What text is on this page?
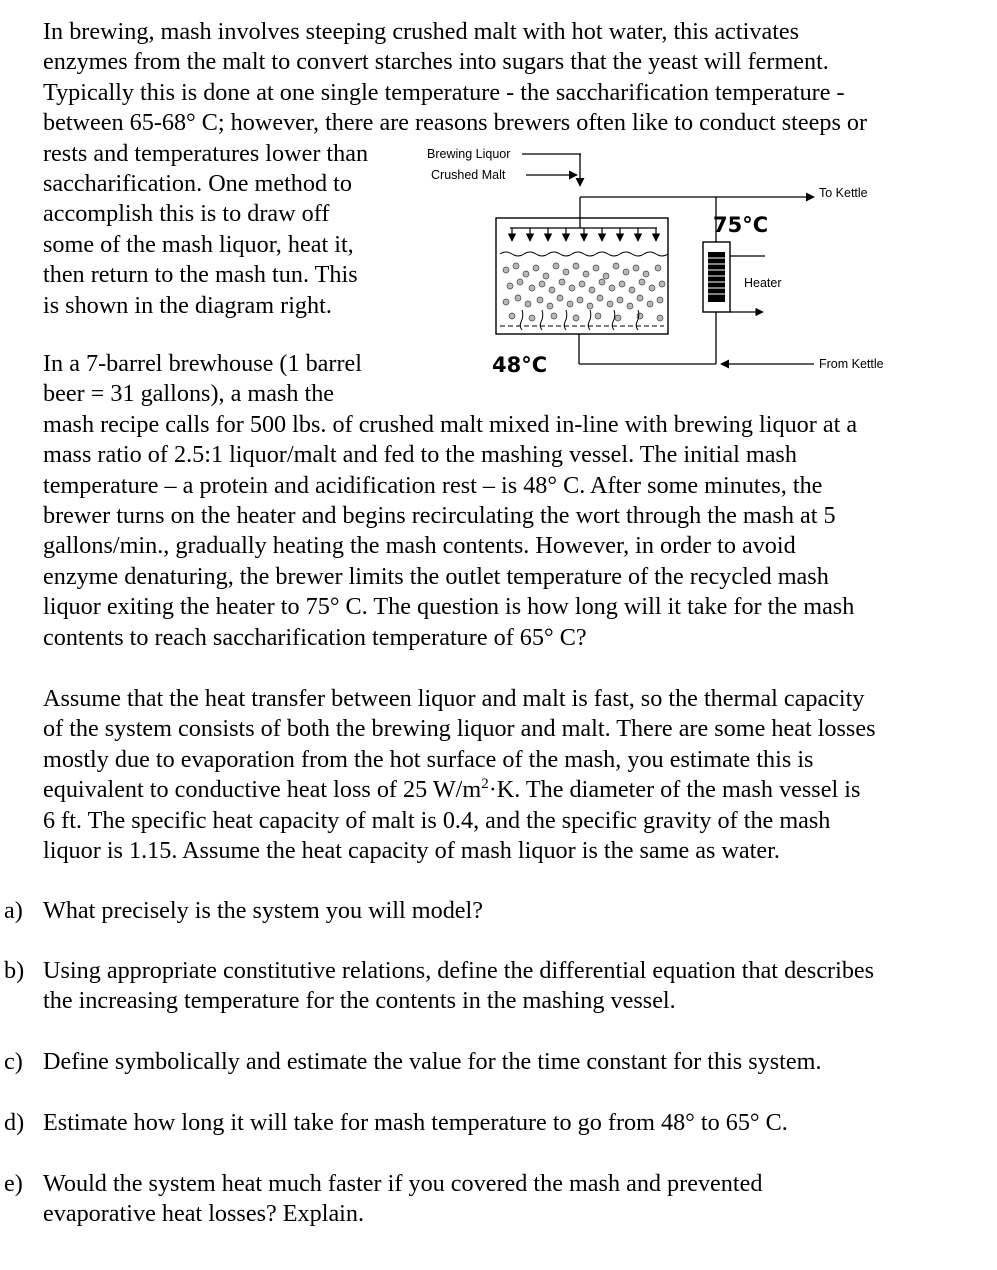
In brewing, mash involves steeping crushed malt with hot water, this activates
enzymes from the malt to convert starches into sugars that the yeast will ferment.
Typically this is done at one single temperature - the saccharification temperature -
between 65-68° C; however, there are reasons brewers often like to conduct steeps or
rests and temperatures lower than
saccharification. One method to
accomplish this is to draw off
some of the mash liquor, heat it,
then return to the mash tun. This
is shown in the diagram right.
Brewing Liquor
Crushed Malt
Heater
To Kettle
From Kettle
75°C
48°C
In a 7-barrel brewhouse (1 barrel
beer = 31 gallons), a mash the
mash recipe calls for 500 lbs. of crushed malt mixed in-line with brewing liquor at a
mass ratio of 2.5:1 liquor/malt and fed to the mashing vessel. The initial mash
temperature – a protein and acidification rest – is 48° C. After some minutes, the
brewer turns on the heater and begins recirculating the wort through the mash at 5
gallons/min., gradually heating the mash contents. However, in order to avoid
enzyme denaturing, the brewer limits the outlet temperature of the recycled mash
liquor exiting the heater to 75° C. The question is how long will it take for the mash
contents to reach saccharification temperature of 65° C?
Assume that the heat transfer between liquor and malt is fast, so the thermal capacity
of the system consists of both the brewing liquor and malt. There are some heat losses
mostly due to evaporation from the hot surface of the mash, you estimate this is
equivalent to conductive heat loss of 25 $W/m^2\cdot K$. The diameter of the mash vessel is
6 ft. The specific heat capacity of malt is 0.4, and the specific gravity of the mash
liquor is 1.15. Assume the heat capacity of mash liquor is the same as water.
a) What precisely is the system you will model?
b) Using appropriate constitutive relations, define the differential equation that describes
the increasing temperature for the contents in the mashing vessel.
c) Define symbolically and estimate the value for the time constant for this system.
d) Estimate how long it will take for mash temperature to go from 48° to 65° C.
e) Would the system heat much faster if you covered the mash and prevented
evaporative heat losses? Explain.
